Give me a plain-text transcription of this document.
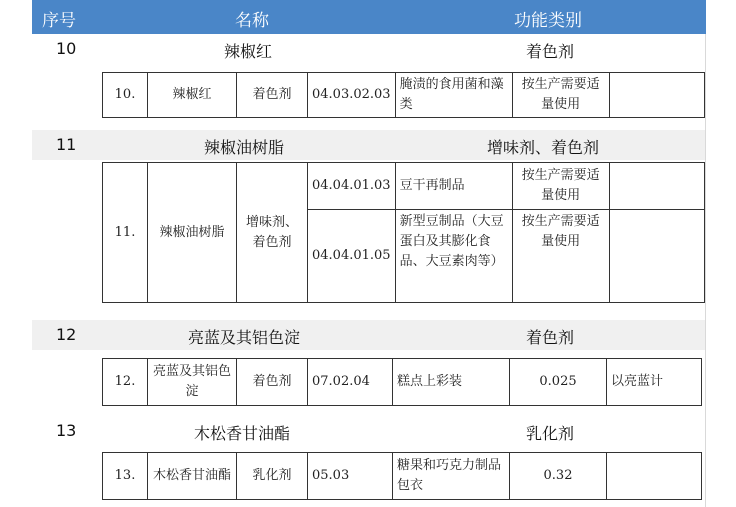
序号	名称	功能类别
10	辣椒红	着色剂
10.	辣椒红	着色剂	04.03.02.03	腌渍的食用菌和藻类	按生产需要适量使用	
11	辣椒油树脂	增味剂、着色剂
11.	辣椒油树脂	增味剂、着色剂	04.04.01.03	豆干再制品	按生产需要适量使用	
			04.04.01.05	新型豆制品（大豆蛋白及其膨化食品、大豆素肉等）	按生产需要适量使用	
12	亮蓝及其铝色淀	着色剂
12.	亮蓝及其铝色淀	着色剂	07.02.04	糕点上彩装	0.025	以亮蓝计
13	木松香甘油酯	乳化剂
13.	木松香甘油酯	乳化剂	05.03	糖果和巧克力制品包衣	0.32	
